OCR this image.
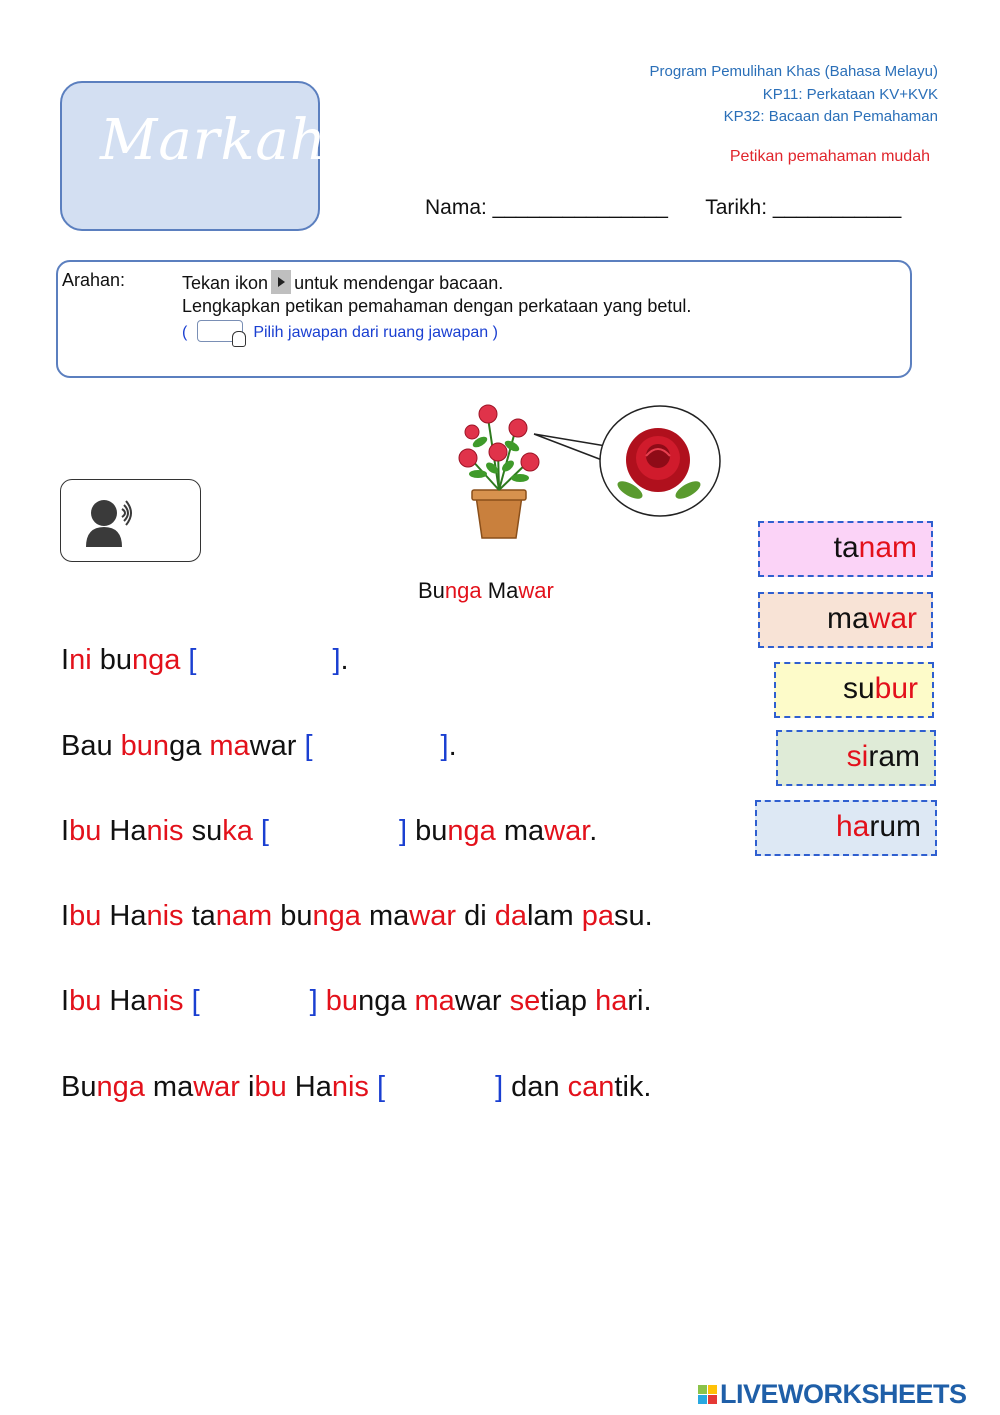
Markah
Program Pemulihan Khas (Bahasa Melayu)
KP11: Perkataan KV+KVK
KP32: Bacaan dan Pemahaman
Petikan pemahaman mudah
Nama: _______________ Tarikh: ___________
Arahan:	Tekan ikon untuk mendengar bacaan.
Lengkapkan petikan pemahaman dengan perkataan yang betul.
(	Pilih jawapan dari ruang jawapan )
Bunga Mawar
Ini bunga [	].
Bau bunga mawar [	].
Ibu Hanis suka [	] bunga mawar.
Ibu Hanis tanam bunga mawar di dalam pasu.
Ibu Hanis [	] bunga mawar setiap hari.
Bunga mawar ibu Hanis [	] dan cantik.
tanam
mawar
subur
siram
harum
LIVEWORKSHEETS
